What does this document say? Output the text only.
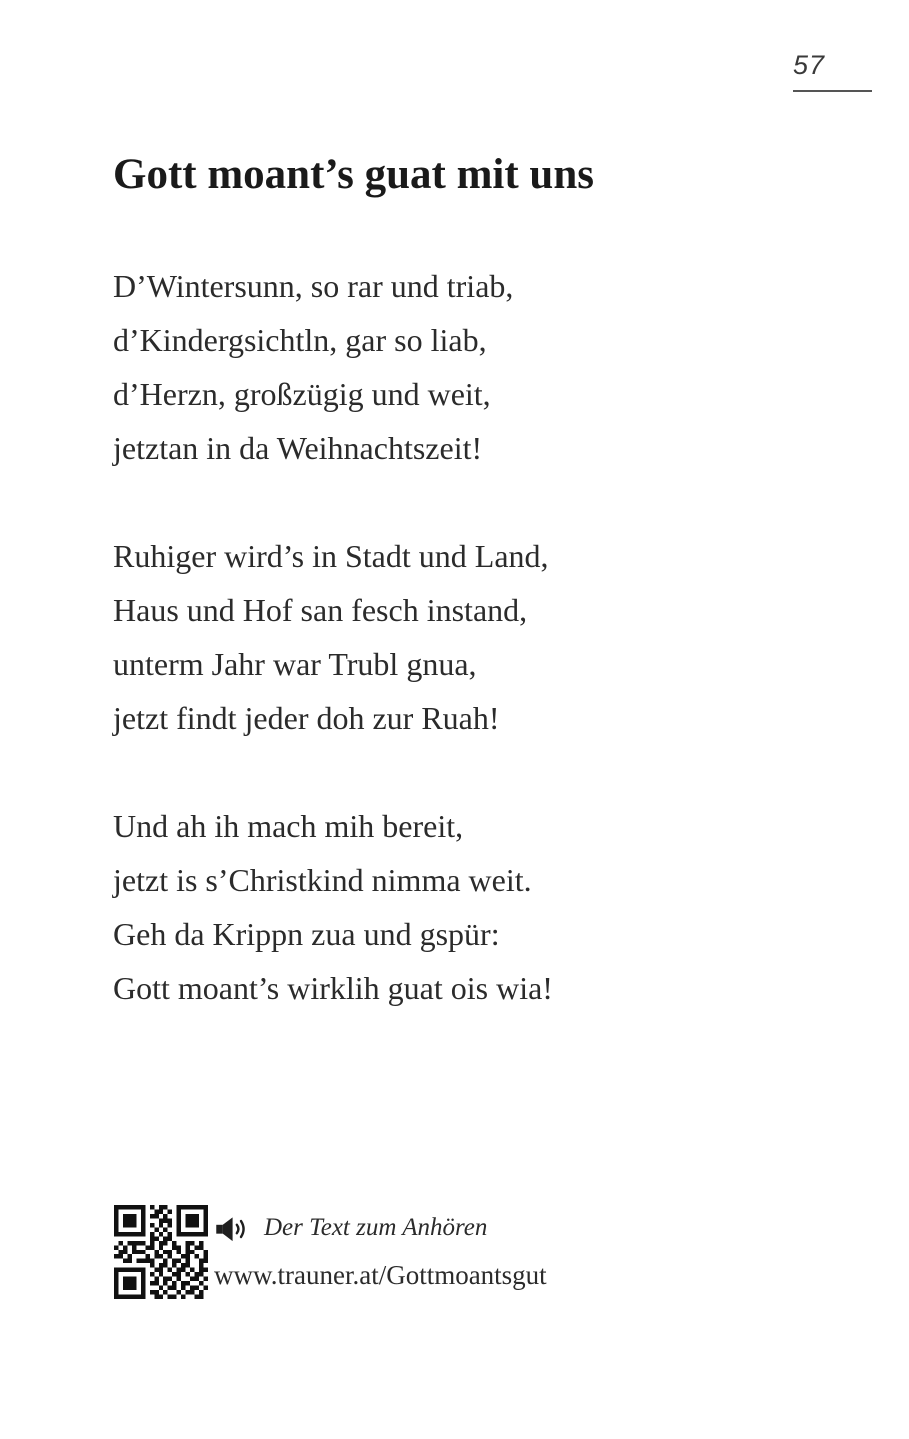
57
Gott moant’s guat mit uns

D’Wintersunn, so rar und triab,

d’Kindergsichtln, gar so liab,

d’Herzn, großzügig und weit,

jetztan in da Weihnachtszeit!

Ruhiger wird’s in Stadt und Land,

Haus und Hof san fesch instand,

unterm Jahr war Trubl gnua,

jetzt findt jeder doh zur Ruah!

Und ah ih mach mih bereit,

jetzt is s’Christkind nimma weit.

Geh da Krippn zua und gspür:

Gott moant’s wirklih guat ois wia!

Der Text zum Anhören
www.trauner.at/Gottmoantsgut
